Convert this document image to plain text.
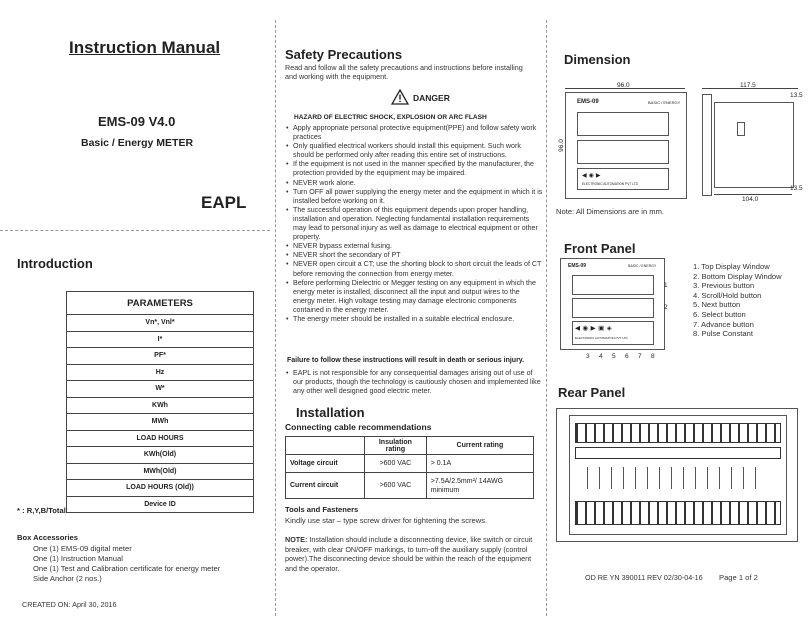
Instruction Manual
EMS-09 V4.0
Basic / Energy METER
EAPL
Introduction
PARAMETERS
Vn*, Vnl*
I*
PF*
Hz
W*
KWh
MWh
LOAD HOURS
KWh(Old)
MWh(Old)
LOAD HOURS (Old))
Device ID
* : R,Y,B/Total
Box Accessories
One (1) EMS-09 digital meter
One (1) Instruction Manual
One (1) Test and Calibration certificate for energy meter
Side Anchor (2 nos.)
CREATED ON: April 30, 2016
Safety Precautions
Read and follow all the safety precautions and instructions before installing and working with the equipment.
DANGER
HAZARD OF ELECTRIC SHOCK, EXPLOSION OR ARC FLASH
• Apply appropriate personal protective equipment(PPE) and follow safety work practices
• Only qualified electrical workers should install this equipment. Such work should be performed only after reading this entire set of instructions.
• If the equipment is not used in the manner specified by the manufacturer, the protection provided by the equipment may be impaired.
• NEVER work alone.
• Turn OFF all power supplying the energy meter and the equipment in which it is installed before working on it.
• The successful operation of this equipment depends upon proper handling, installation and operation. Neglecting fundamental installation requirements may lead to personal injury as well as damage to electrical equipment or other property.
• NEVER bypass external fusing.
• NEVER short the secondary of PT
• NEVER open circuit a CT; use the shorting block to short circuit the leads of CT before removing the connection from energy meter.
• Before performing Dielectric or Megger testing on any equipment in which the energy meter is installed, disconnect all the input and output wires to the energy meter. High voltage testing may damage electronic components contained in the energy meter.
• The energy meter should be installed in a suitable electrical enclosure.
Failure to follow these instructions will result in death or serious injury.
• EAPL is not responsible for any consequential damages arising out of use of our products, though the technology is cautiously chosen and implemented like any other well designed good electric meter.
Installation
Connecting cable recommendations
	Insulation rating	Current rating
Voltage circuit	>600 VAC	> 0.1A
Current circuit	>600 VAC	>7.5A/2.5mm²/ 14AWG minimum
Tools and Fasteners
Kindly use star – type screw driver for tightening the screws.
NOTE: Installation should include a disconnecting device, like switch or circuit breaker, with clear ON/OFF markings, to turn-off the auxiliary supply (control power).The disconnecting device should be within the reach of the equipment and the operator.
Dimension
96.0
EMS-09	BASIC / ENERGY
◀◉▶
ELECTRONIC AUTOMATION PVT LTD
96.0
117.5
13.5
13.5
104.0
Note: All Dimensions are in mm.
Front Panel
EMS-09	BASIC / ENERGY
◀◉▶▣◈
ELECTRONIC AUTOMATION PVT LTD
1
2
3 4 5 6 7 8
1. Top Display Window
2. Bottom Display Window
3. Previous button
4. Scroll/Hold button
5. Next button
6. Select button
7. Advance button
8. Pulse Constant
Rear Panel
OD RE YN 390011 REV 02/30-04-16 Page 1 of 2
